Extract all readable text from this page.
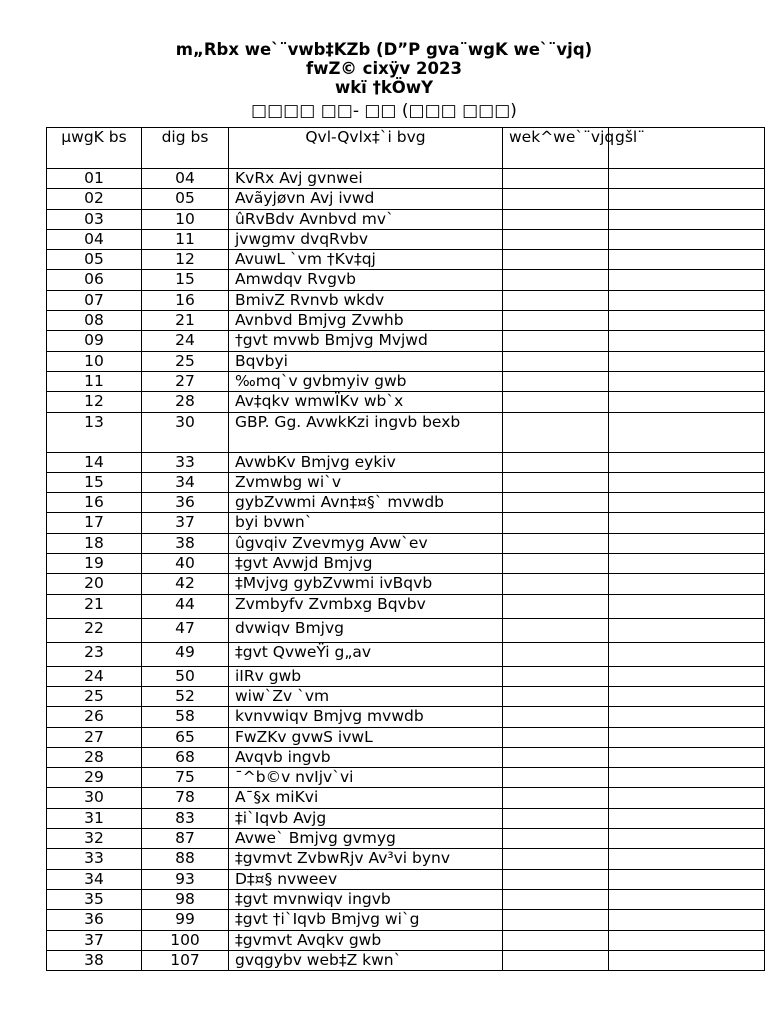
m„Rbx we`¨vwb‡KZb (D”P gva¨wgK we`¨vjq)
fwZ© cixÿv 2023
wkï †kÖwY
□□□□ □□- □□ (□□□ □□□)
µwgK bs	dig bs	Qvl-Qvlx‡`i bvg	wek^we`¨vjq	gšl¨
01	04	KvRx Avj gvnwei		
02	05	Avãyjøvn Avj ivwd		
03	10	ûRvBdv Avnbvd mv`		
04	11	jvwgmv dvqRvbv		
05	12	AvuwL `vm †Kv‡qj		
06	15	Amwdqv Rvgvb		
07	16	BmivZ Rvnvb wkdv		
08	21	Avnbvd Bmjvg Zvwhb		
09	24	†gvt mvwb Bmjvg Mvjwd		
10	25	Bqvbyi		
11	27	‰mq`v gvbmyiv gwb		
12	28	Av‡qkv wmwÏKv wb`x		
13	30	GBP. Gg. AvwkKzi ingvb bexb		
14	33	AvwbKv Bmjvg eykiv		
15	34	Zvmwbg wi`v		
16	36	gybZvwmi Avn‡¤§` mvwdb		
17	37	byi bvwn`		
18	38	ûgvqiv Zvevmyg Avw`ev		
19	40	‡gvt Avwjd Bmjvg		
20	42	‡Mvjvg gybZvwmi ivBqvb		
21	44	Zvmbyfv Zvmbxg Bqvbv		
22	47	dvwiqv Bmjvg		
23	49	‡gvt QvweŸi g„av		
24	50	iIRv gwb		
25	52	wiw`Zv `vm		
26	58	kvnvwiqv Bmjvg mvwdb		
27	65	FwZKv gvwS ivwL		
28	68	Avqvb ingvb		
29	75	¯^b©v nvIjv`vi		
30	78	A¯§x miKvi		
31	83	‡i`Iqvb Avjg		
32	87	Avwe` Bmjvg gvmyg		
33	88	‡gvmvt ZvbwRjv Av³vi bynv		
34	93	D‡¤§ nvweev		
35	98	‡gvt mvnwiqv ingvb		
36	99	‡gvt †i`Iqvb Bmjvg wi`g		
37	100	‡gvmvt Avqkv gwb		
38	107	gvqgybv web‡Z kwn`		
